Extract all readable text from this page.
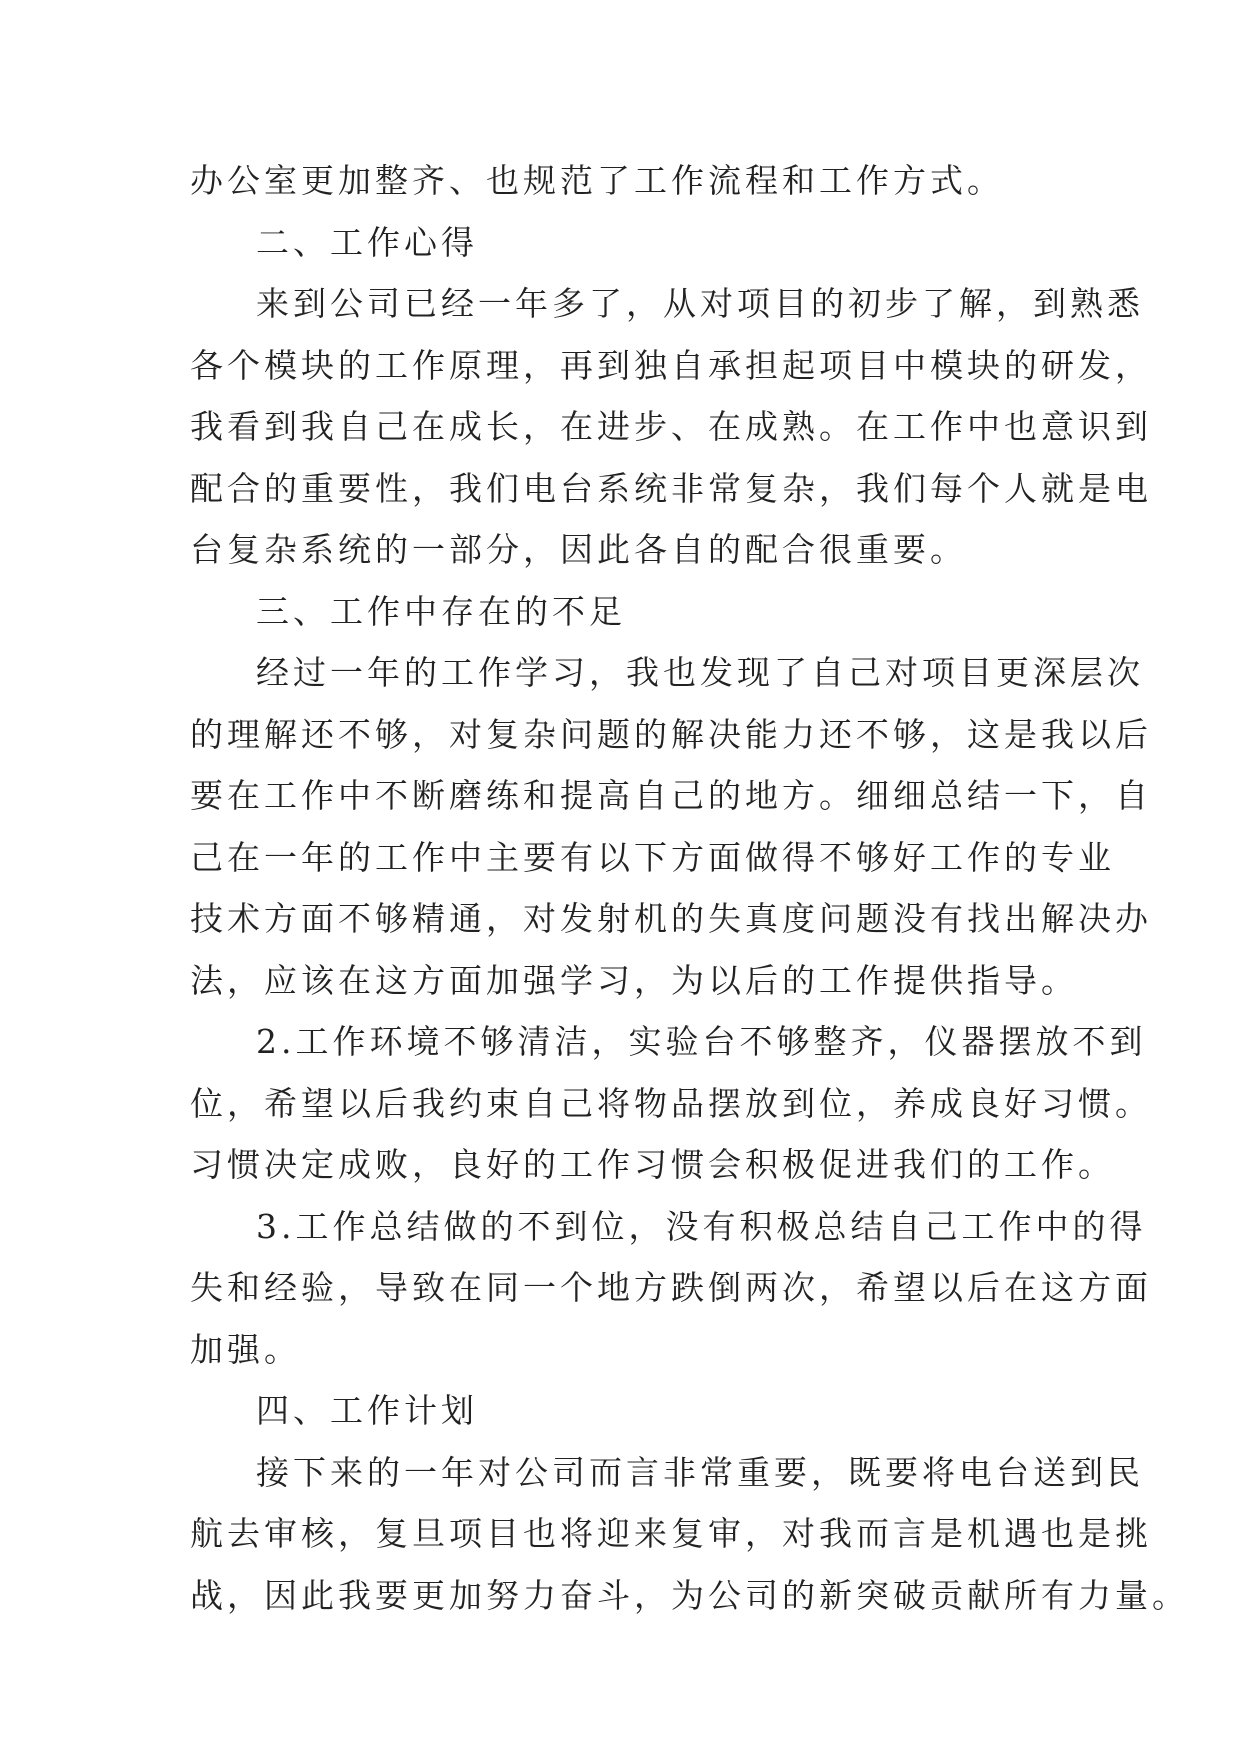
办公室更加整齐、也规范了工作流程和工作方式。
二、工作心得
来到公司已经一年多了，从对项目的初步了解，到熟悉
各个模块的工作原理，再到独自承担起项目中模块的研发，
我看到我自己在成长，在进步、在成熟。在工作中也意识到
配合的重要性，我们电台系统非常复杂，我们每个人就是电
台复杂系统的一部分，因此各自的配合很重要。
三、工作中存在的不足
经过一年的工作学习，我也发现了自己对项目更深层次
的理解还不够，对复杂问题的解决能力还不够，这是我以后
要在工作中不断磨练和提高自己的地方。细细总结一下，自
己在一年的工作中主要有以下方面做得不够好工作的专业
技术方面不够精通，对发射机的失真度问题没有找出解决办
法，应该在这方面加强学习，为以后的工作提供指导。
2.工作环境不够清洁，实验台不够整齐，仪器摆放不到
位，希望以后我约束自己将物品摆放到位，养成良好习惯。
习惯决定成败，良好的工作习惯会积极促进我们的工作。
3.工作总结做的不到位，没有积极总结自己工作中的得
失和经验，导致在同一个地方跌倒两次，希望以后在这方面
加强。
四、工作计划
接下来的一年对公司而言非常重要，既要将电台送到民
航去审核，复旦项目也将迎来复审，对我而言是机遇也是挑
战，因此我要更加努力奋斗，为公司的新突破贡献所有力量。
